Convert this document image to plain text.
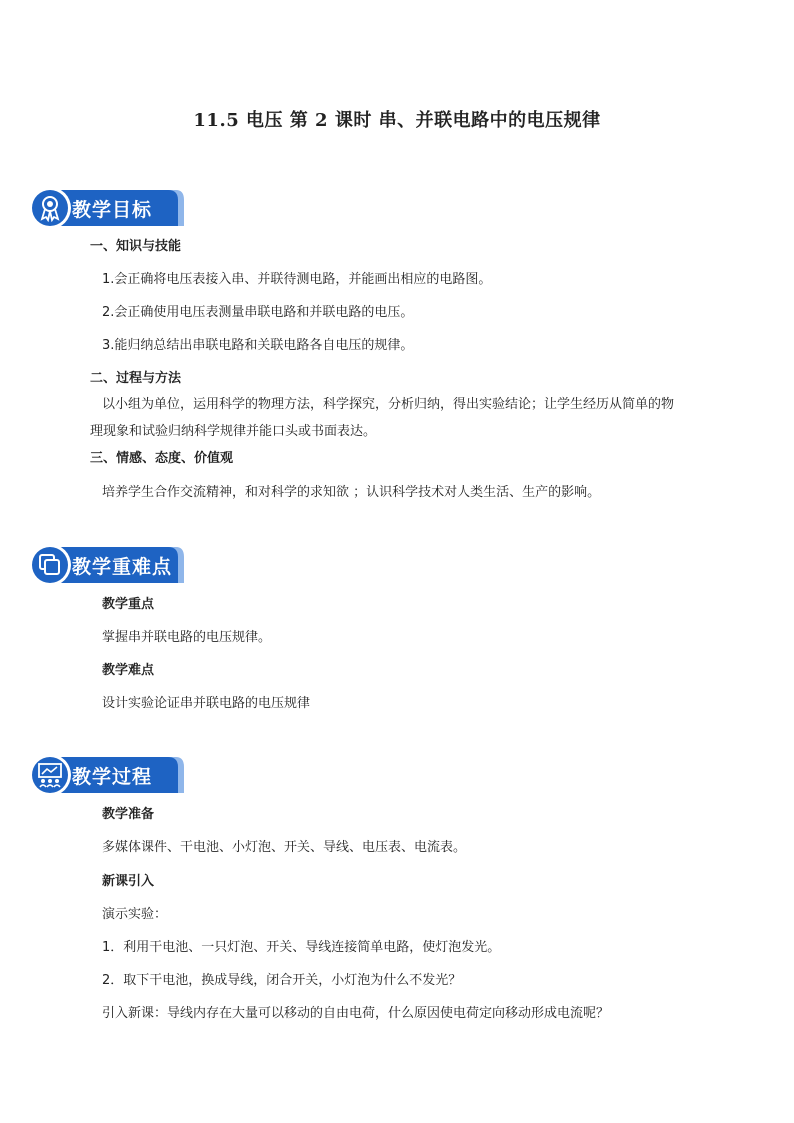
11.5 电压 第 2 课时 串、并联电路中的电压规律
教学目标
一、知识与技能
1.会正确将电压表接入串、并联待测电路，并能画出相应的电路图。
2.会正确使用电压表测量串联电路和并联电路的电压。
3.能归纳总结出串联电路和关联电路各自电压的规律。
二、过程与方法
以小组为单位，运用科学的物理方法，科学探究，分析归纳，得出实验结论；让学生经历从简单的物
理现象和试验归纳科学规律并能口头或书面表达。
三、情感、态度、价值观
培养学生合作交流精神，和对科学的求知欲 ；认识科学技术对人类生活、生产的影响。
教学重难点
教学重点
掌握串并联电路的电压规律。
教学难点
设计实验论证串并联电路的电压规律
教学过程
教学准备
多媒体课件、干电池、小灯泡、开关、导线、电压表、电流表。
新课引入
演示实验：
1．利用干电池、一只灯泡、开关、导线连接简单电路，使灯泡发光。
2．取下干电池，换成导线，闭合开关，小灯泡为什么不发光？
引入新课：导线内存在大量可以移动的自由电荷，什么原因使电荷定向移动形成电流呢？
